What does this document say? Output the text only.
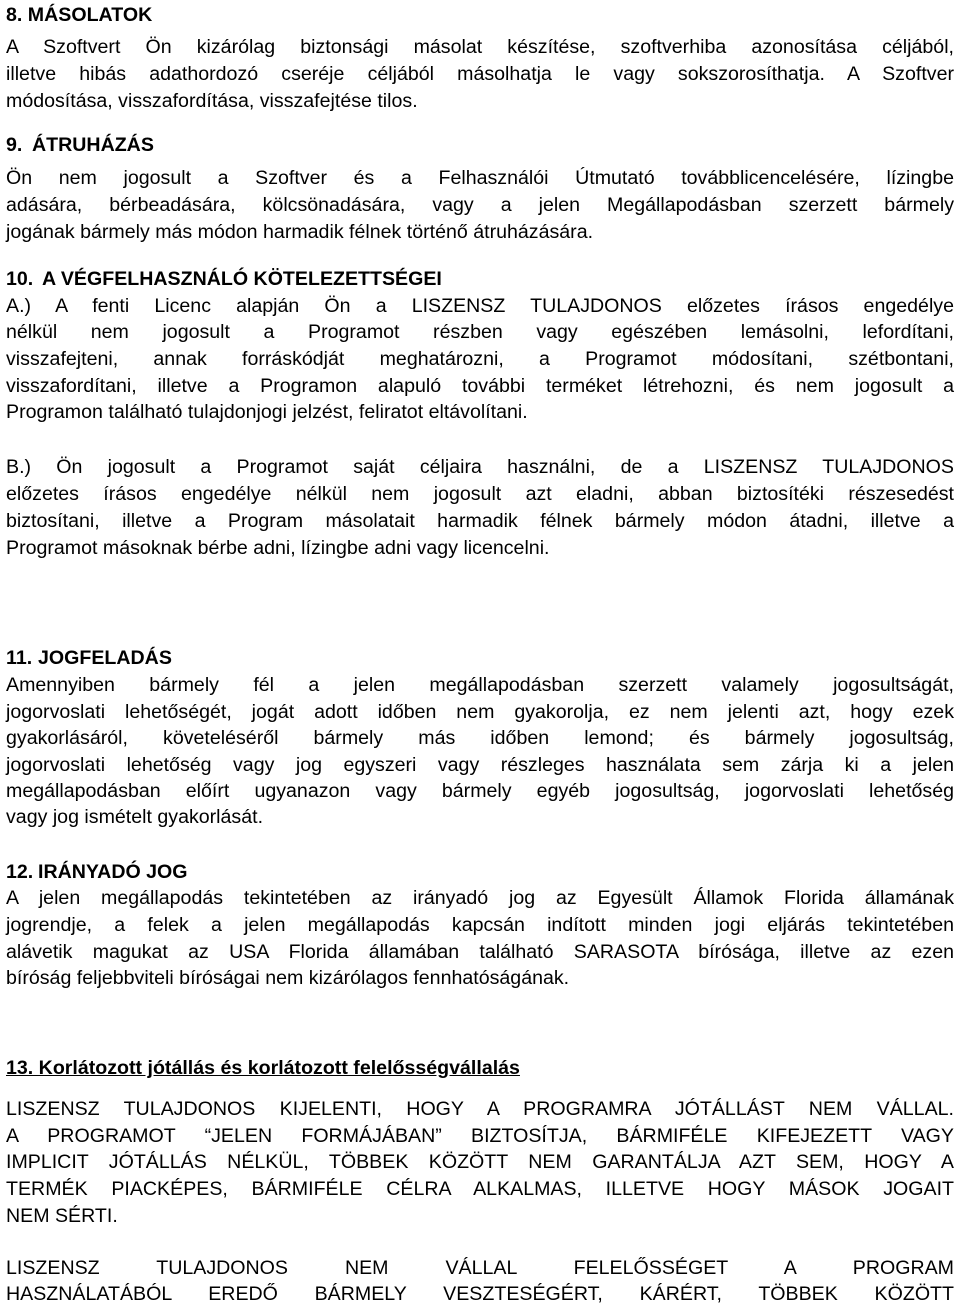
8. MÁSOLATOK
A Szoftvert Ön kizárólag biztonsági másolat készítése, szoftverhiba azonosítása céljából,
illetve hibás adathordozó cseréje céljából másolhatja le vagy sokszorosíthatja. A Szoftver
módosítása, visszafordítása, visszafejtése tilos.
9. ÁTRUHÁZÁS
Ön nem jogosult a Szoftver és a Felhasználói Útmutató továbblicencelésére, lízingbe
adására, bérbeadására, kölcsönadására, vagy a jelen Megállapodásban szerzett bármely
jogának bármely más módon harmadik félnek történő átruházására.
10. A VÉGFELHASZNÁLÓ KÖTELEZETTSÉGEI
A.) A fenti Licenc alapján Ön a LISZENSZ TULAJDONOS előzetes írásos engedélye
nélkül nem jogosult a Programot részben vagy egészében lemásolni, lefordítani,
visszafejteni, annak forráskódját meghatározni, a Programot módosítani, szétbontani,
visszafordítani, illetve a Programon alapuló további terméket létrehozni, és nem jogosult a
Programon található tulajdonjogi jelzést, feliratot eltávolítani.
B.) Ön jogosult a Programot saját céljaira használni, de a LISZENSZ TULAJDONOS
előzetes írásos engedélye nélkül nem jogosult azt eladni, abban biztosítéki részesedést
biztosítani, illetve a Program másolatait harmadik félnek bármely módon átadni, illetve a
Programot másoknak bérbe adni, lízingbe adni vagy licencelni.
11. JOGFELADÁS
Amennyiben bármely fél a jelen megállapodásban szerzett valamely jogosultságát,
jogorvoslati lehetőségét, jogát adott időben nem gyakorolja, ez nem jelenti azt, hogy ezek
gyakorlásáról, követeléséről bármely más időben lemond; és bármely jogosultság,
jogorvoslati lehetőség vagy jog egyszeri vagy részleges használata sem zárja ki a jelen
megállapodásban előírt ugyanazon vagy bármely egyéb jogosultság, jogorvoslati lehetőség
vagy jog ismételt gyakorlását.
12. IRÁNYADÓ JOG
A jelen megállapodás tekintetében az irányadó jog az Egyesült Államok Florida államának
jogrendje, a felek a jelen megállapodás kapcsán indított minden jogi eljárás tekintetében
alávetik magukat az USA Florida államában található SARASOTA bírósága, illetve az ezen
bíróság feljebbviteli bíróságai nem kizárólagos fennhatóságának.
13. Korlátozott jótállás és korlátozott felelősségvállalás
LISZENSZ TULAJDONOS KIJELENTI, HOGY A PROGRAMRA JÓTÁLLÁST NEM VÁLLAL.
A PROGRAMOT “JELEN FORMÁJÁBAN” BIZTOSÍTJA, BÁRMIFÉLE KIFEJEZETT VAGY
IMPLICIT JÓTÁLLÁS NÉLKÜL, TÖBBEK KÖZÖTT NEM GARANTÁLJA AZT SEM, HOGY A
TERMÉK PIACKÉPES, BÁRMIFÉLE CÉLRA ALKALMAS, ILLETVE HOGY MÁSOK JOGAIT
NEM SÉRTI.
LISZENSZ TULAJDONOS NEM VÁLLAL FELELŐSSÉGET A PROGRAM
HASZNÁLATÁBÓL EREDŐ BÁRMELY VESZTESÉGÉRT, KÁRÉRT, TÖBBEK KÖZÖTT
